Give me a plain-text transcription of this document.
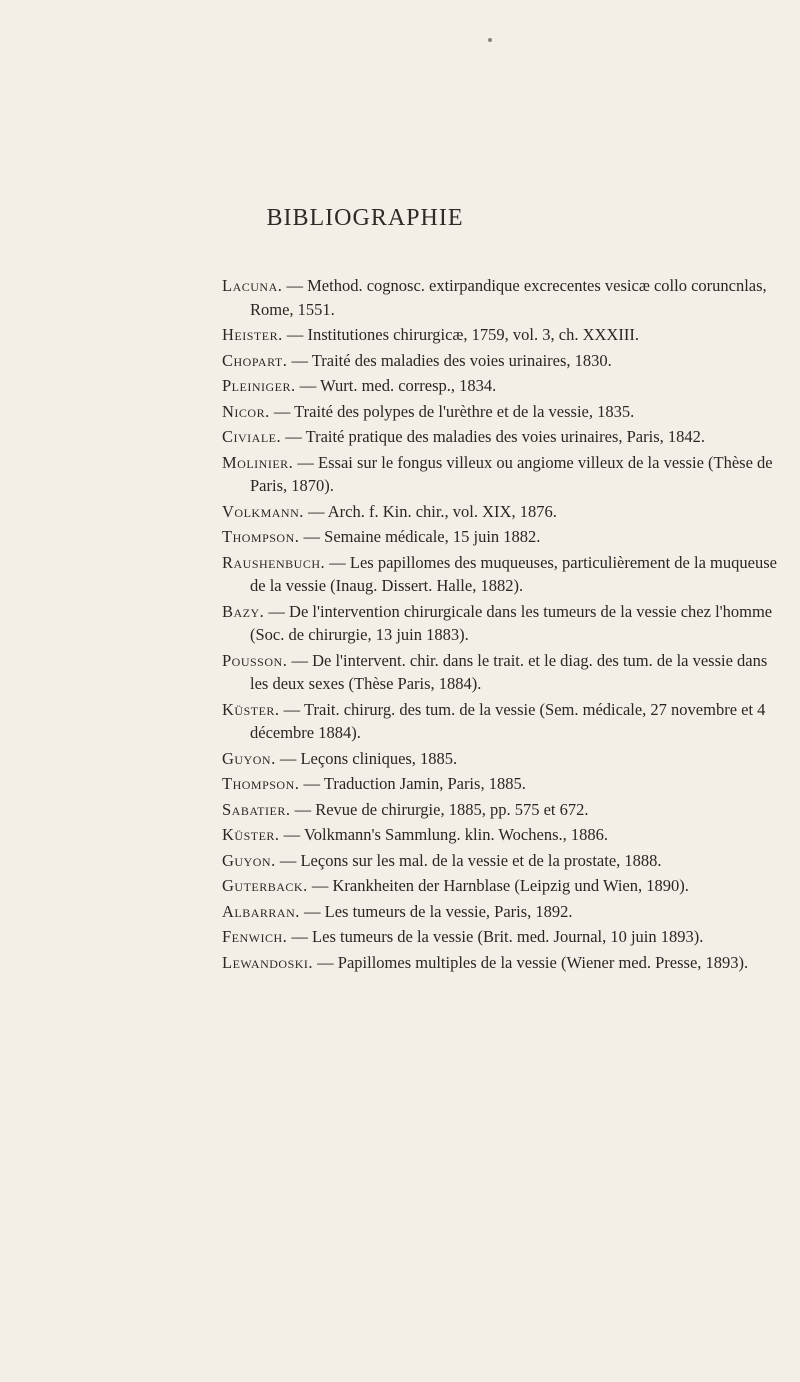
BIBLIOGRAPHIE

Lacuna. — Method. cognosc. extirpandique excrecentes vesicæ collo coruncnlas, Rome, 1551.

Heister. — Institutiones chirurgicæ, 1759, vol. 3, ch. XXXIII.

Chopart. — Traité des maladies des voies urinaires, 1830.

Pleiniger. — Wurt. med. corresp., 1834.

Nicor. — Traité des polypes de l'urèthre et de la vessie, 1835.

Civiale. — Traité pratique des maladies des voies urinaires, Paris, 1842.

Molinier. — Essai sur le fongus villeux ou angiome villeux de la vessie (Thèse de Paris, 1870).

Volkmann. — Arch. f. Kin. chir., vol. XIX, 1876.

Thompson. — Semaine médicale, 15 juin 1882.

Raushenbuch. — Les papillomes des muqueuses, particulièrement de la muqueuse de la vessie (Inaug. Dissert. Halle, 1882).

Bazy. — De l'intervention chirurgicale dans les tumeurs de la vessie chez l'homme (Soc. de chirurgie, 13 juin 1883).

Pousson. — De l'intervent. chir. dans le trait. et le diag. des tum. de la vessie dans les deux sexes (Thèse Paris, 1884).

Küster. — Trait. chirurg. des tum. de la vessie (Sem. médicale, 27 novembre et 4 décembre 1884).

Guyon. — Leçons cliniques, 1885.

Thompson. — Traduction Jamin, Paris, 1885.

Sabatier. — Revue de chirurgie, 1885, pp. 575 et 672.

Küster. — Volkmann's Sammlung. klin. Wochens., 1886.

Guyon. — Leçons sur les mal. de la vessie et de la prostate, 1888.

Guterback. — Krankheiten der Harnblase (Leipzig und Wien, 1890).

Albarran. — Les tumeurs de la vessie, Paris, 1892.

Fenwich. — Les tumeurs de la vessie (Brit. med. Journal, 10 juin 1893).

Lewandoski. — Papillomes multiples de la vessie (Wiener med. Presse, 1893).
